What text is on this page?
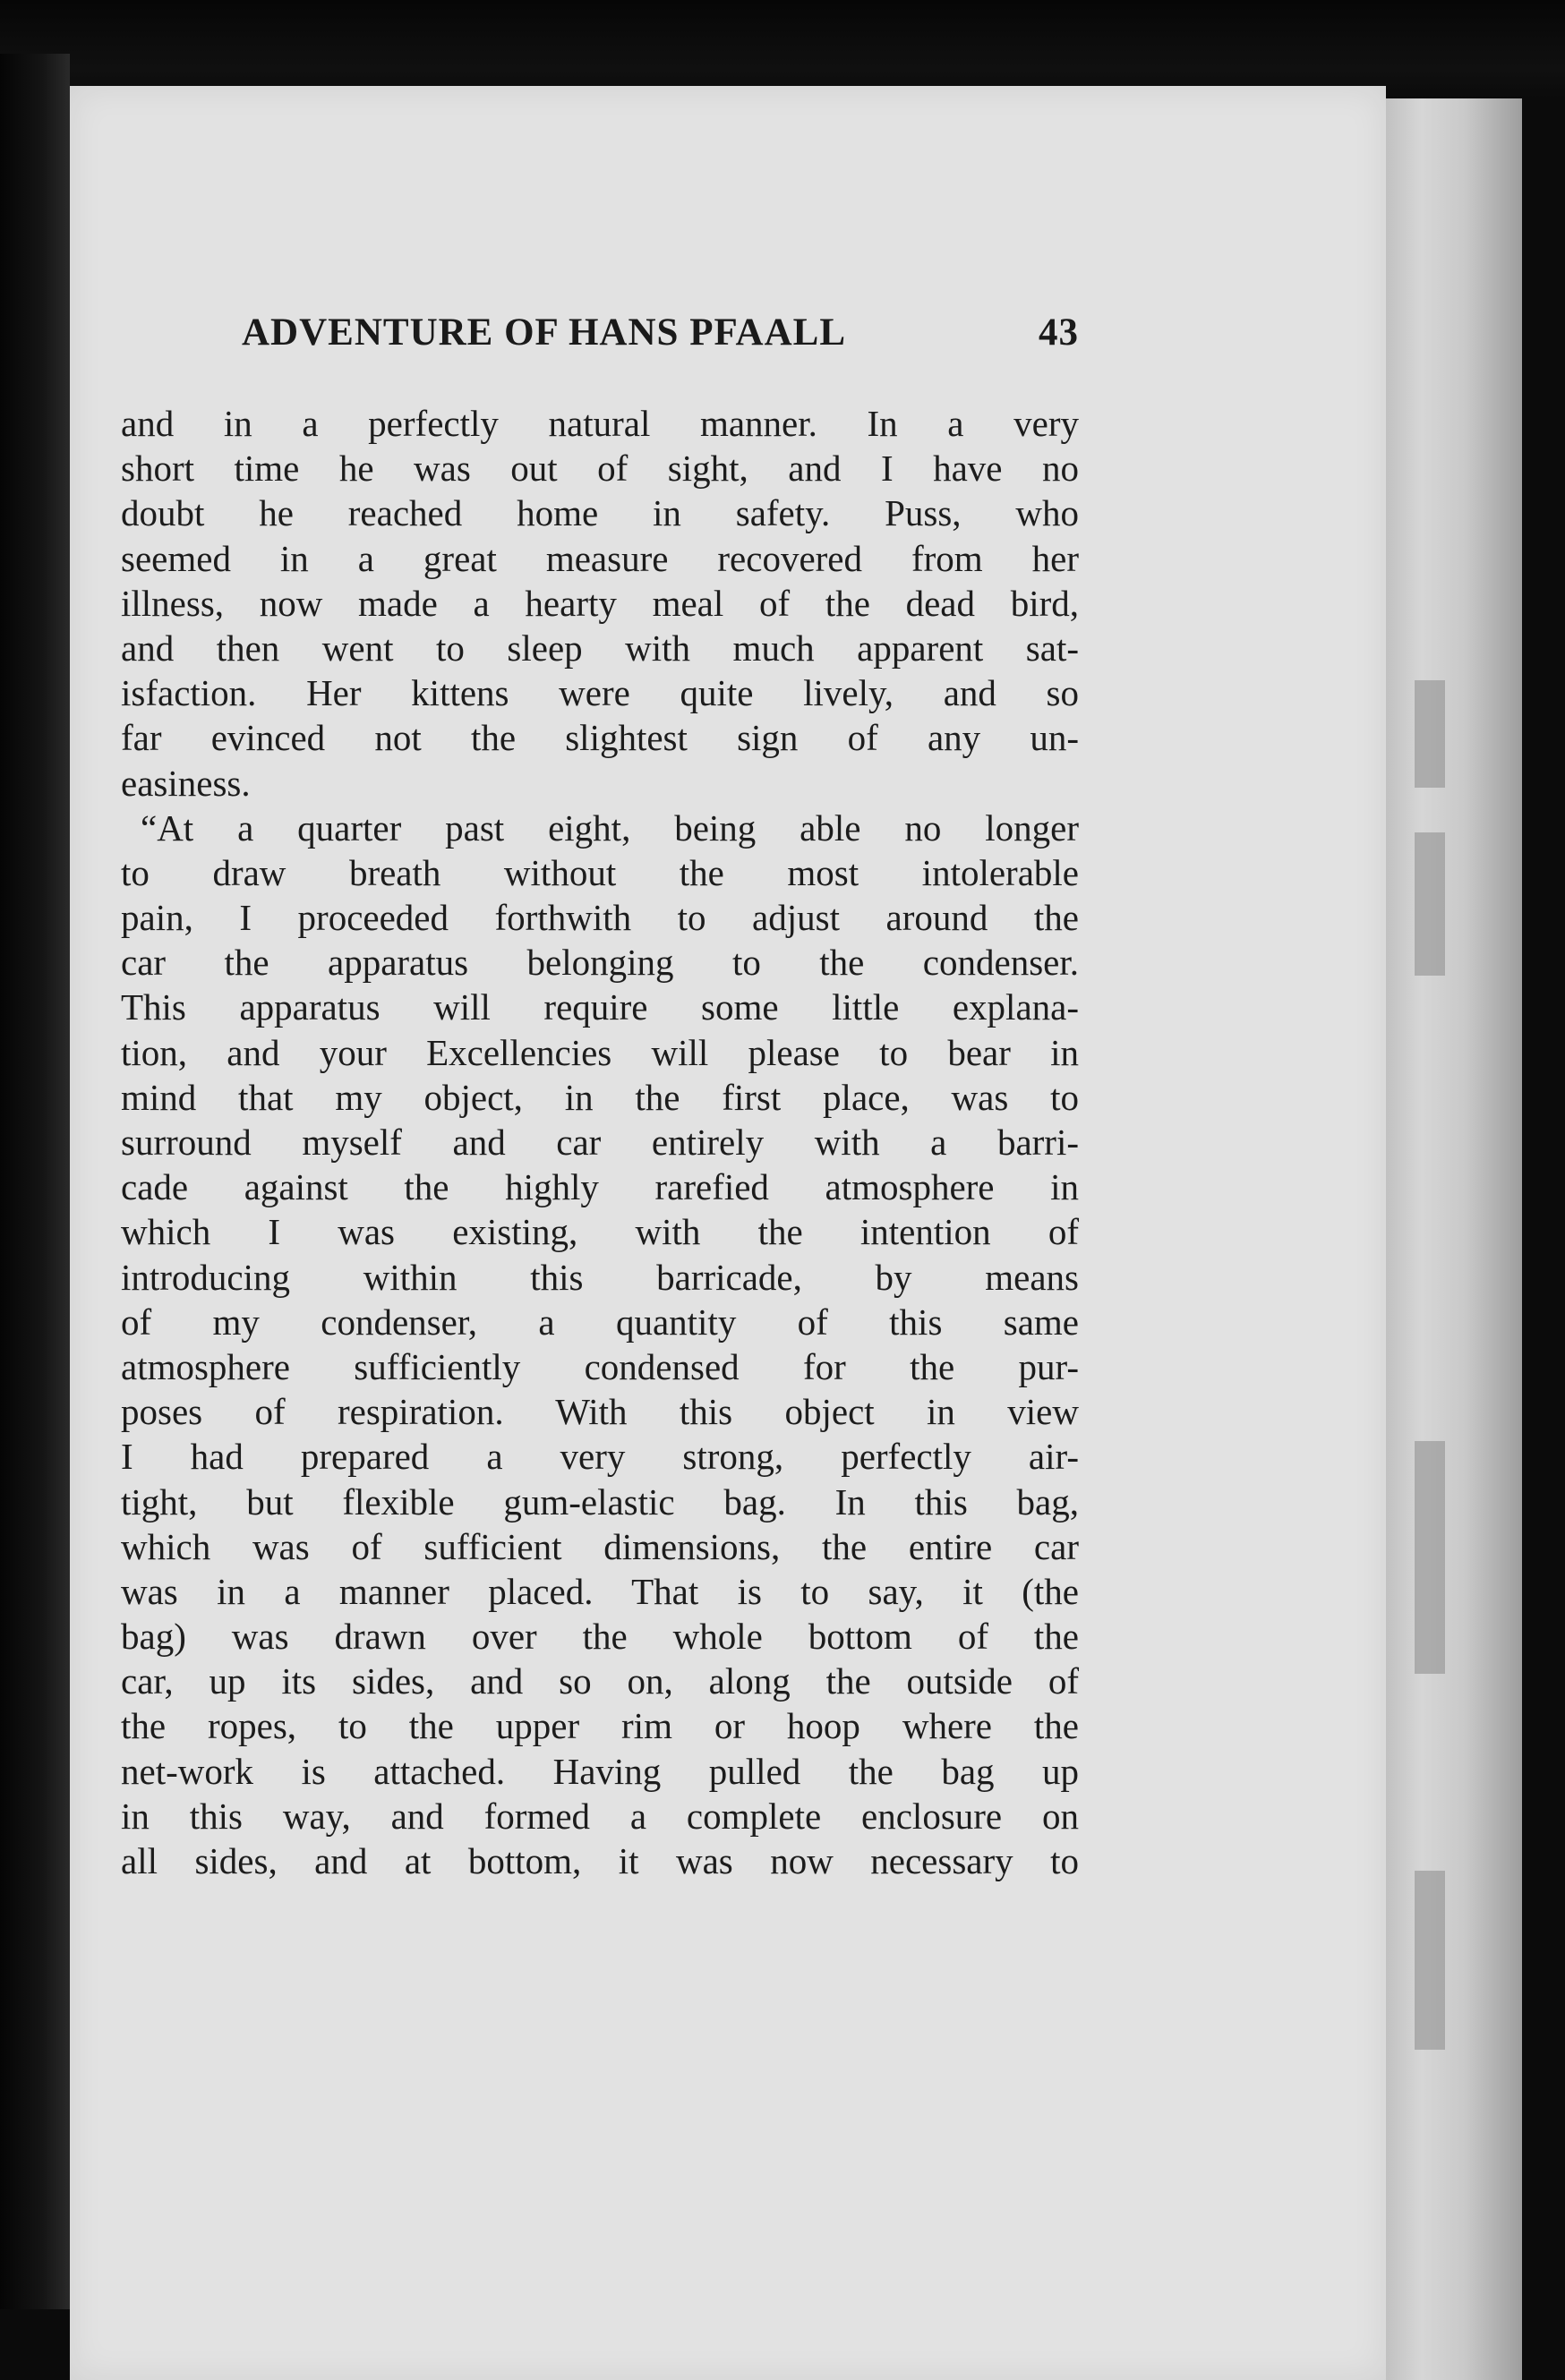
ADVENTURE OF HANS PFAALL	43
and in a perfectly natural manner. In a very
short time he was out of sight, and I have no
doubt he reached home in safety. Puss, who
seemed in a great measure recovered from her
illness, now made a hearty meal of the dead bird,
and then went to sleep with much apparent sat-
isfaction. Her kittens were quite lively, and so
far evinced not the slightest sign of any un-
easiness.
“At a quarter past eight, being able no longer
to draw breath without the most intolerable
pain, I proceeded forthwith to adjust around the
car the apparatus belonging to the condenser.
This apparatus will require some little explana-
tion, and your Excellencies will please to bear in
mind that my object, in the first place, was to
surround myself and car entirely with a barri-
cade against the highly rarefied atmosphere in
which I was existing, with the intention of
introducing within this barricade, by means
of my condenser, a quantity of this same
atmosphere sufficiently condensed for the pur-
poses of respiration. With this object in view
I had prepared a very strong, perfectly air-
tight, but flexible gum-elastic bag. In this bag,
which was of sufficient dimensions, the entire car
was in a manner placed. That is to say, it (the
bag) was drawn over the whole bottom of the
car, up its sides, and so on, along the outside of
the ropes, to the upper rim or hoop where the
net-work is attached. Having pulled the bag up
in this way, and formed a complete enclosure on
all sides, and at bottom, it was now necessary to
